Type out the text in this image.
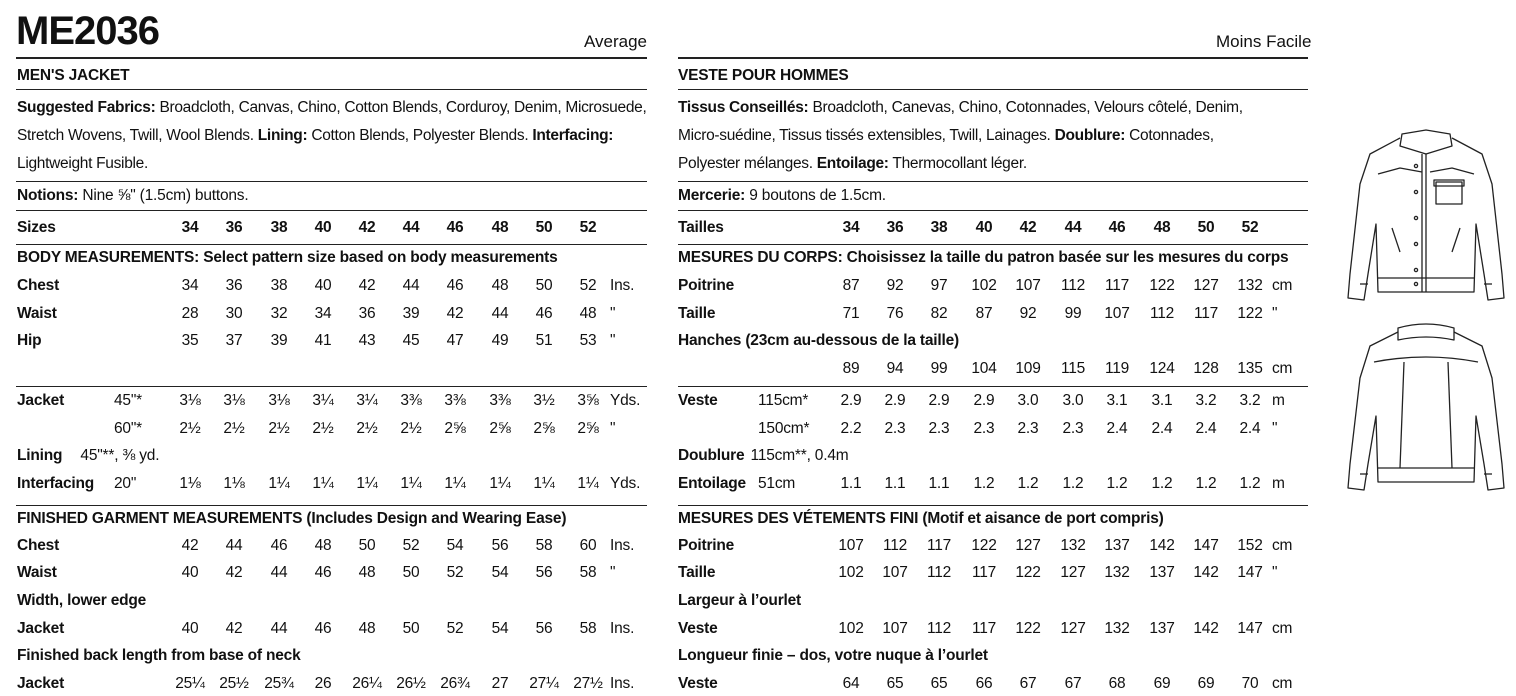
ME2036	Average	Moins Facile
MEN'S JACKET
Suggested Fabrics: Broadcloth, Canvas, Chino, Cotton Blends, Corduroy, Denim, Microsuede, Stretch Wovens, Twill, Wool Blends. Lining: Cotton Blends, Polyester Blends. Interfacing: Lightweight Fusible.
Notions: Nine ⅝" (1.5cm) buttons.
VESTE POUR HOMMES
Tissus Conseillés: Broadcloth, Canevas, Chino, Cotonnades, Velours côtelé, Denim, Micro-suédine, Tissus tissés extensibles, Twill, Lainages. Doublure: Cotonnades, Polyester mélanges. Entoilage: Thermocollant léger.
Mercerie: 9 boutons de 1.5cm.
BODY MEASUREMENTS: Select pattern size based on body measurements	MESURES DU CORPS: Choisissez la taille du patron basée sur les mesures du corps
Hanches (23cm au-dessous de la taille)
FINISHED GARMENT MEASUREMENTS (Includes Design and Wearing Ease)	MESURES DES VÉTEMENTS FINI (Motif et aisance de port compris)
Width, lower edge	Largeur à l’ourlet
Finished back length from base of neck	Longueur finie – dos, votre nuque à l’ourlet
Lining 45"**, ⅜ yd.	Doublure 115cm**, 0.4m
Sizes	34	36	38	40	42	44	46	48	50	52	Tailles	34	36	38	40	42	44	46	48	50	52
Chest	34	36	38	40	42	44	46	48	50	52 Ins.
Waist	28	30	32	34	36	39	42	44	46	48 "
Hip	35	37	39	41	43	45	47	49	51	53 "
Poitrine	87	92	97	102	107	112	117	122	127	132 cm
Taille	71	76	82	87	92	99	107	112	117	122 "
89	94	99	104	109	115	119	124	128	135 cm
Jacket	45"*	3⅛	3⅛	3⅛	3¼	3¼	3⅜	3⅜	3⅜	3½	3⅝ Yds.
60"*	2½	2½	2½	2½	2½	2½	2⅝	2⅝	2⅝	2⅝ "
Interfacing 20"	1⅛	1⅛	1¼	1¼	1¼	1¼	1¼	1¼	1¼	1¼ Yds.
Veste	115cm*	2.9	2.9	2.9	2.9	3.0	3.0	3.1	3.1	3.2	3.2 m
150cm*	2.2	2.3	2.3	2.3	2.3	2.3	2.4	2.4	2.4	2.4 "
Entoilage 51cm	1.1	1.1	1.1	1.2	1.2	1.2	1.2	1.2	1.2	1.2 m
Chest	42	44	46	48	50	52	54	56	58	60 Ins.
Waist	40	42	44	46	48	50	52	54	56	58 "
Jacket	40	42	44	46	48	50	52	54	56	58 Ins.
Jacket	25¼ 25½ 25¾	26	26¼ 26½ 26¾	27	27¼ 27½ Ins.
Poitrine	107	112	117	122	127	132	137	142	147	152 cm
Taille	102	107	112	117	122	127	132	137	142	147 "
Veste	102	107	112	117	122	127	132	137	142	147 cm
Veste	64	65	65	66	67	67	68	69	69	70 cm
